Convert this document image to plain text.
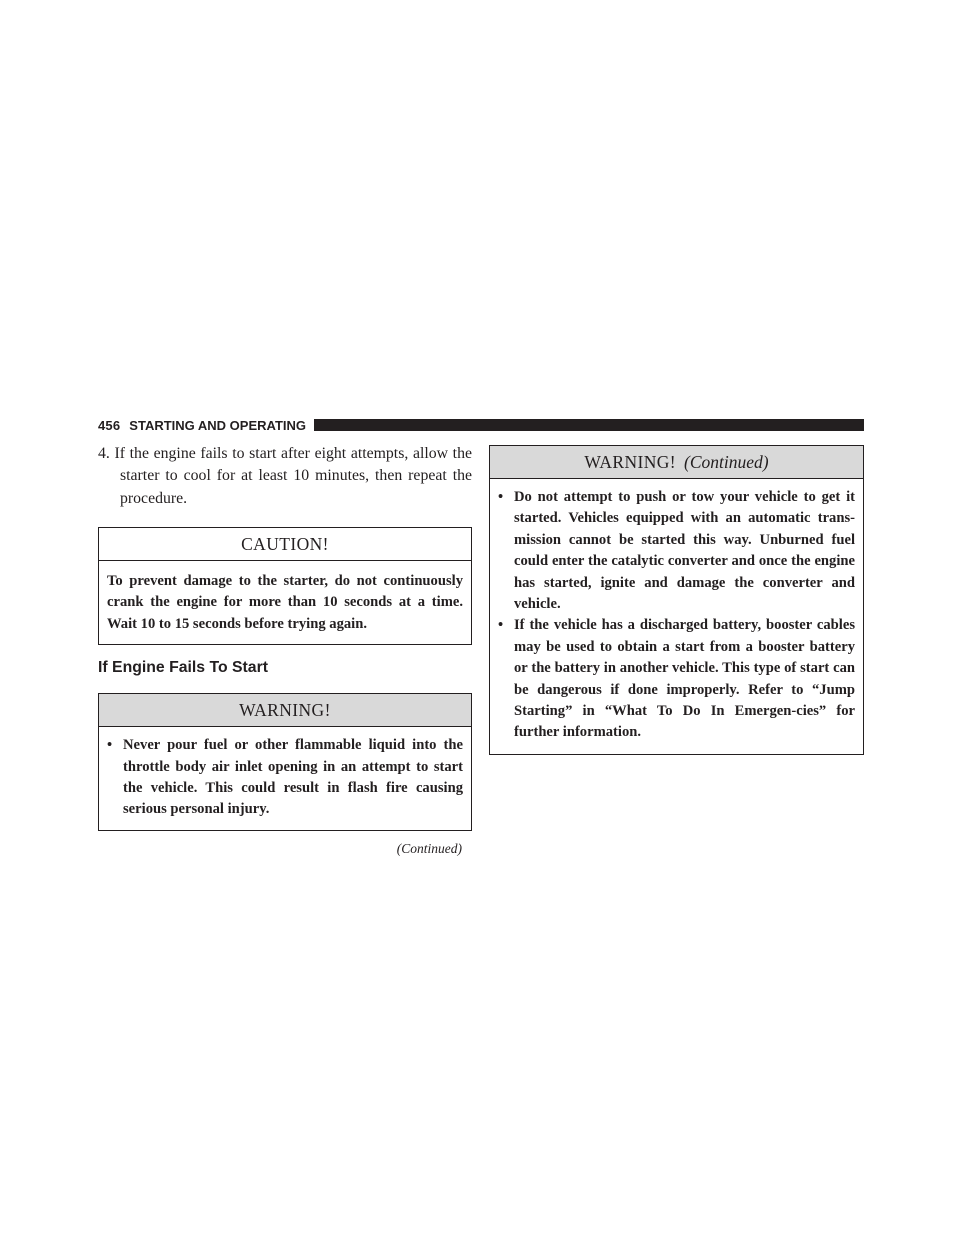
456 STARTING AND OPERATING

4. If the engine fails to start after eight attempts, allow the starter to cool for at least 10 minutes, then repeat the procedure.

CAUTION!

To prevent damage to the starter, do not continuously crank the engine for more than 10 seconds at a time. Wait 10 to 15 seconds before trying again.

If Engine Fails To Start
WARNING!
• Never pour fuel or other flammable liquid into the throttle body air inlet opening in an attempt to start the vehicle. This could result in flash fire causing serious personal injury.
(Continued)
WARNING! (Continued)
• Do not attempt to push or tow your vehicle to get it started. Vehicles equipped with an automatic trans-mission cannot be started this way. Unburned fuel could enter the catalytic converter and once the engine has started, ignite and damage the converter and vehicle.
• If the vehicle has a discharged battery, booster cables may be used to obtain a start from a booster battery or the battery in another vehicle. This type of start can be dangerous if done improperly. Refer to “Jump Starting” in “What To Do In Emergen-cies” for further information.
